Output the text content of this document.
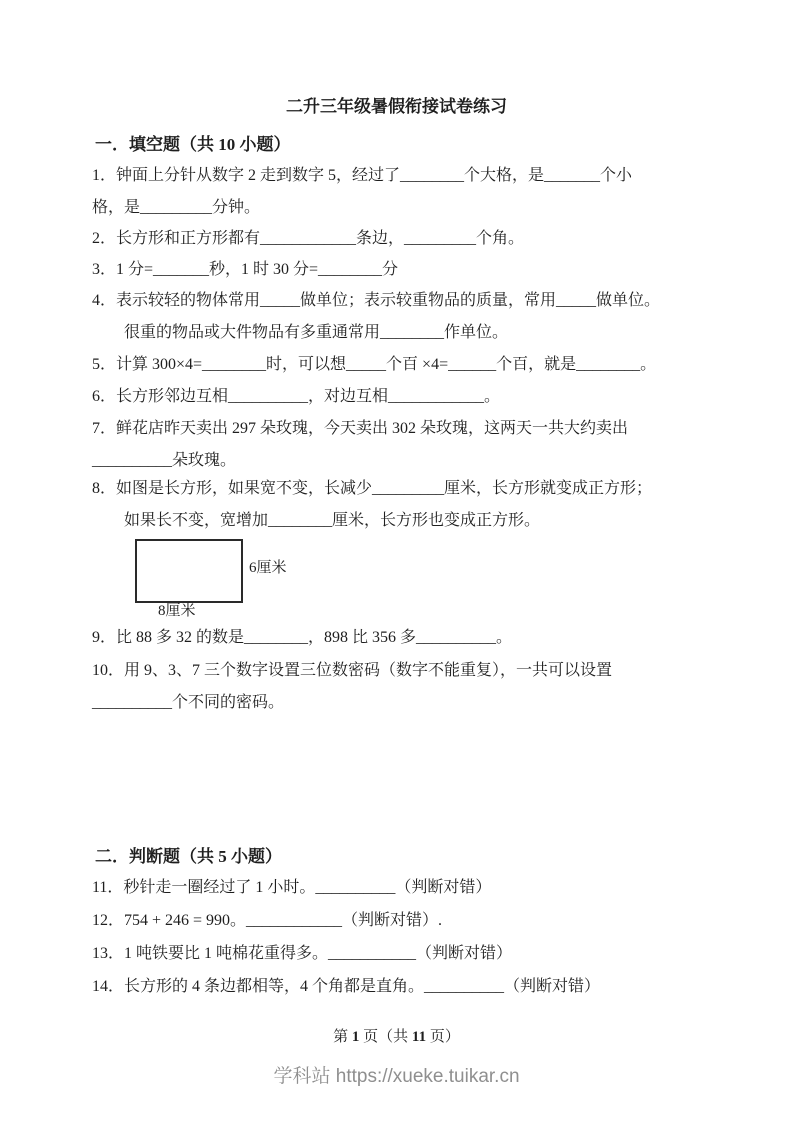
二升三年级暑假衔接试卷练习
一．填空题（共 10 小题）
1．钟面上分针从数字 2 走到数字 5，经过了________个大格，是_______个小
格，是_________分钟。
2．长方形和正方形都有____________条边，_________个角。
3．1 分=_______秒，1 时 30 分=________分
4．表示较轻的物体常用_____做单位；表示较重物品的质量，常用_____做单位。
很重的物品或大件物品有多重通常用________作单位。
5．计算 300×4=________时，可以想_____个百 ×4=______个百，就是________。
6．长方形邻边互相__________，对边互相____________。
7．鲜花店昨天卖出 297 朵玫瑰，今天卖出 302 朵玫瑰，这两天一共大约卖出
__________朵玫瑰。
8．如图是长方形，如果宽不变，长减少_________厘米，长方形就变成正方形；
如果长不变，宽增加________厘米，长方形也变成正方形。
6厘米
8厘米
9．比 88 多 32 的数是________，898 比 356 多__________。
10．用 9、3、7 三个数字设置三位数密码（数字不能重复），一共可以设置
__________个不同的密码。
二．判断题（共 5 小题）
11．秒针走一圈经过了 1 小时。__________（判断对错）
12．754 + 246 = 990。____________（判断对错）.
13．1 吨铁要比 1 吨棉花重得多。___________（判断对错）
14．长方形的 4 条边都相等，4 个角都是直角。__________（判断对错）
第 1 页（共 11 页）
学科站 https://xueke.tuikar.cn
